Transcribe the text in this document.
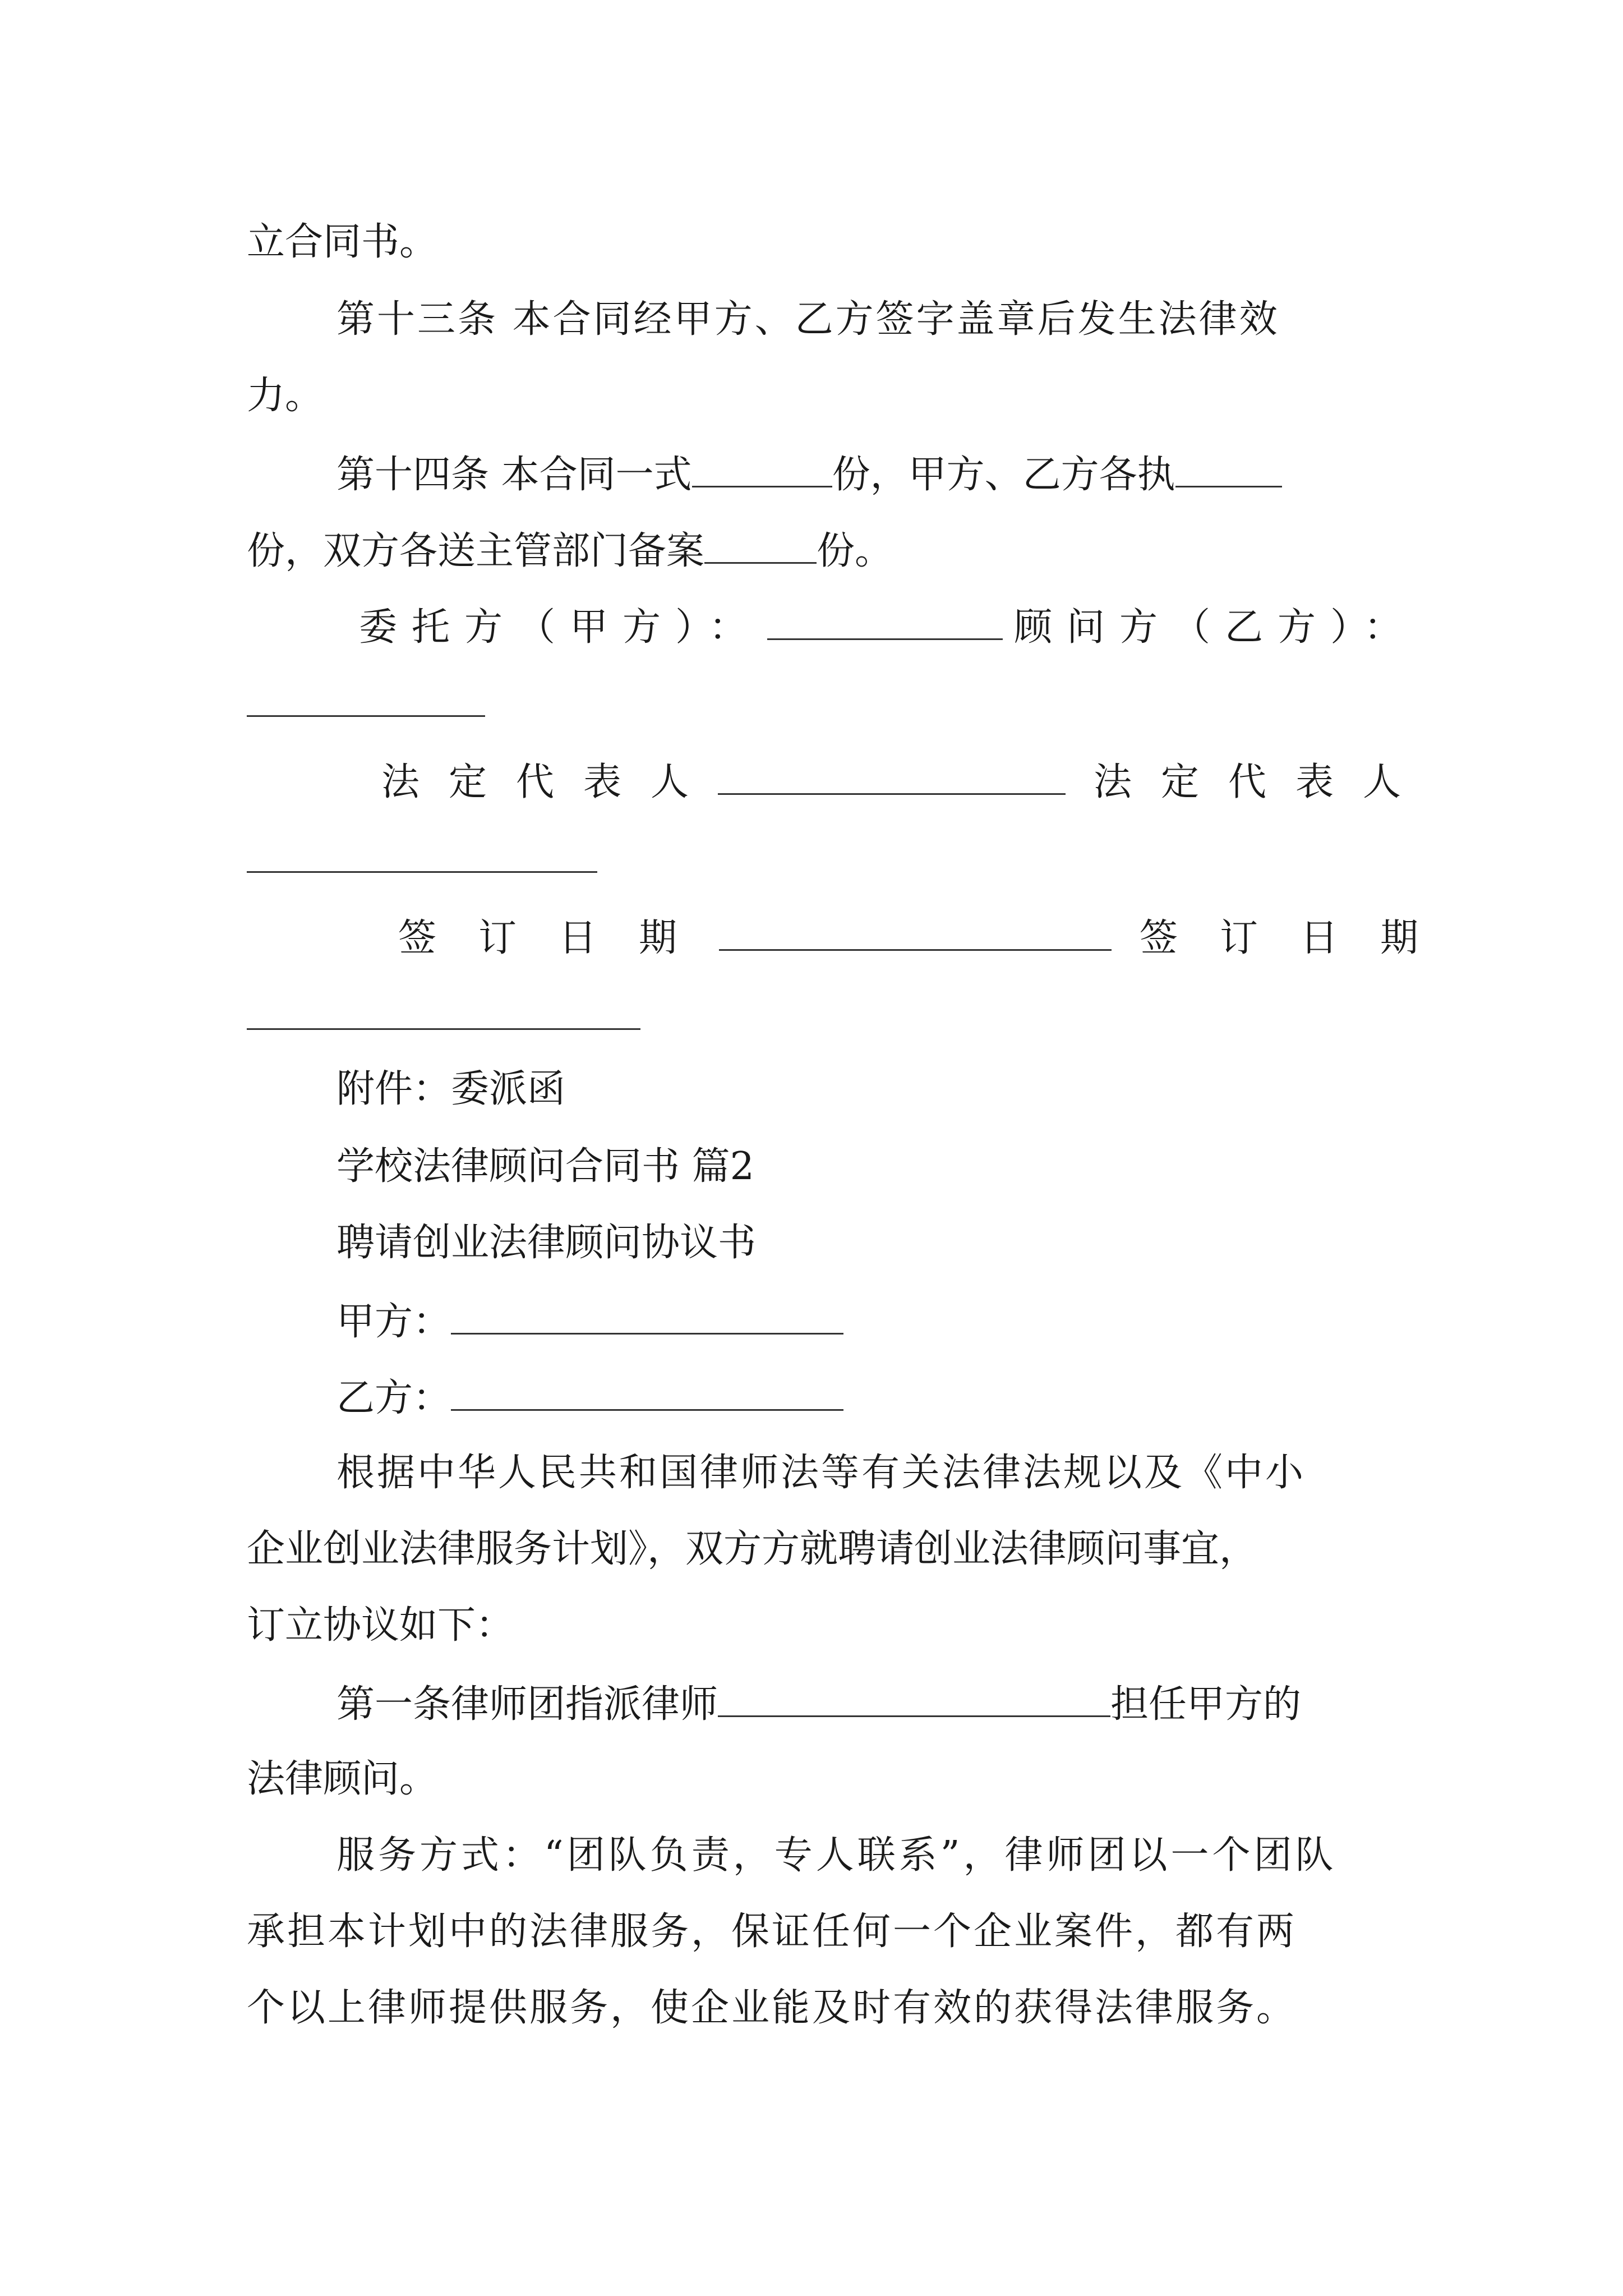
立合同书。
第十三条 本合同经甲方、乙方签字盖章后发生法律效
力。
第十四条 本合同一式	份，甲方、乙方各执
份，双方各送主管部门备案	份。
委托方（甲方）：	顾问方（乙方）：
法定代表人	法定代表人
签订日期	签订日期
附件：委派函
学校法律顾问合同书 篇2
聘请创业法律顾问协议书
甲方：
乙方：
根据中华人民共和国律师法等有关法律法规以及《中小
企业创业法律服务计划》，双方方就聘请创业法律顾问事宜，
订立协议如下：
第一条律师团指派律师	担任甲方的
法律顾问。
服务方式：“团队负责，专人联系”，律师团以一个团队
承担本计划中的法律服务，保证任何一个企业案件，都有两
个以上律师提供服务，使企业能及时有效的获得法律服务。
